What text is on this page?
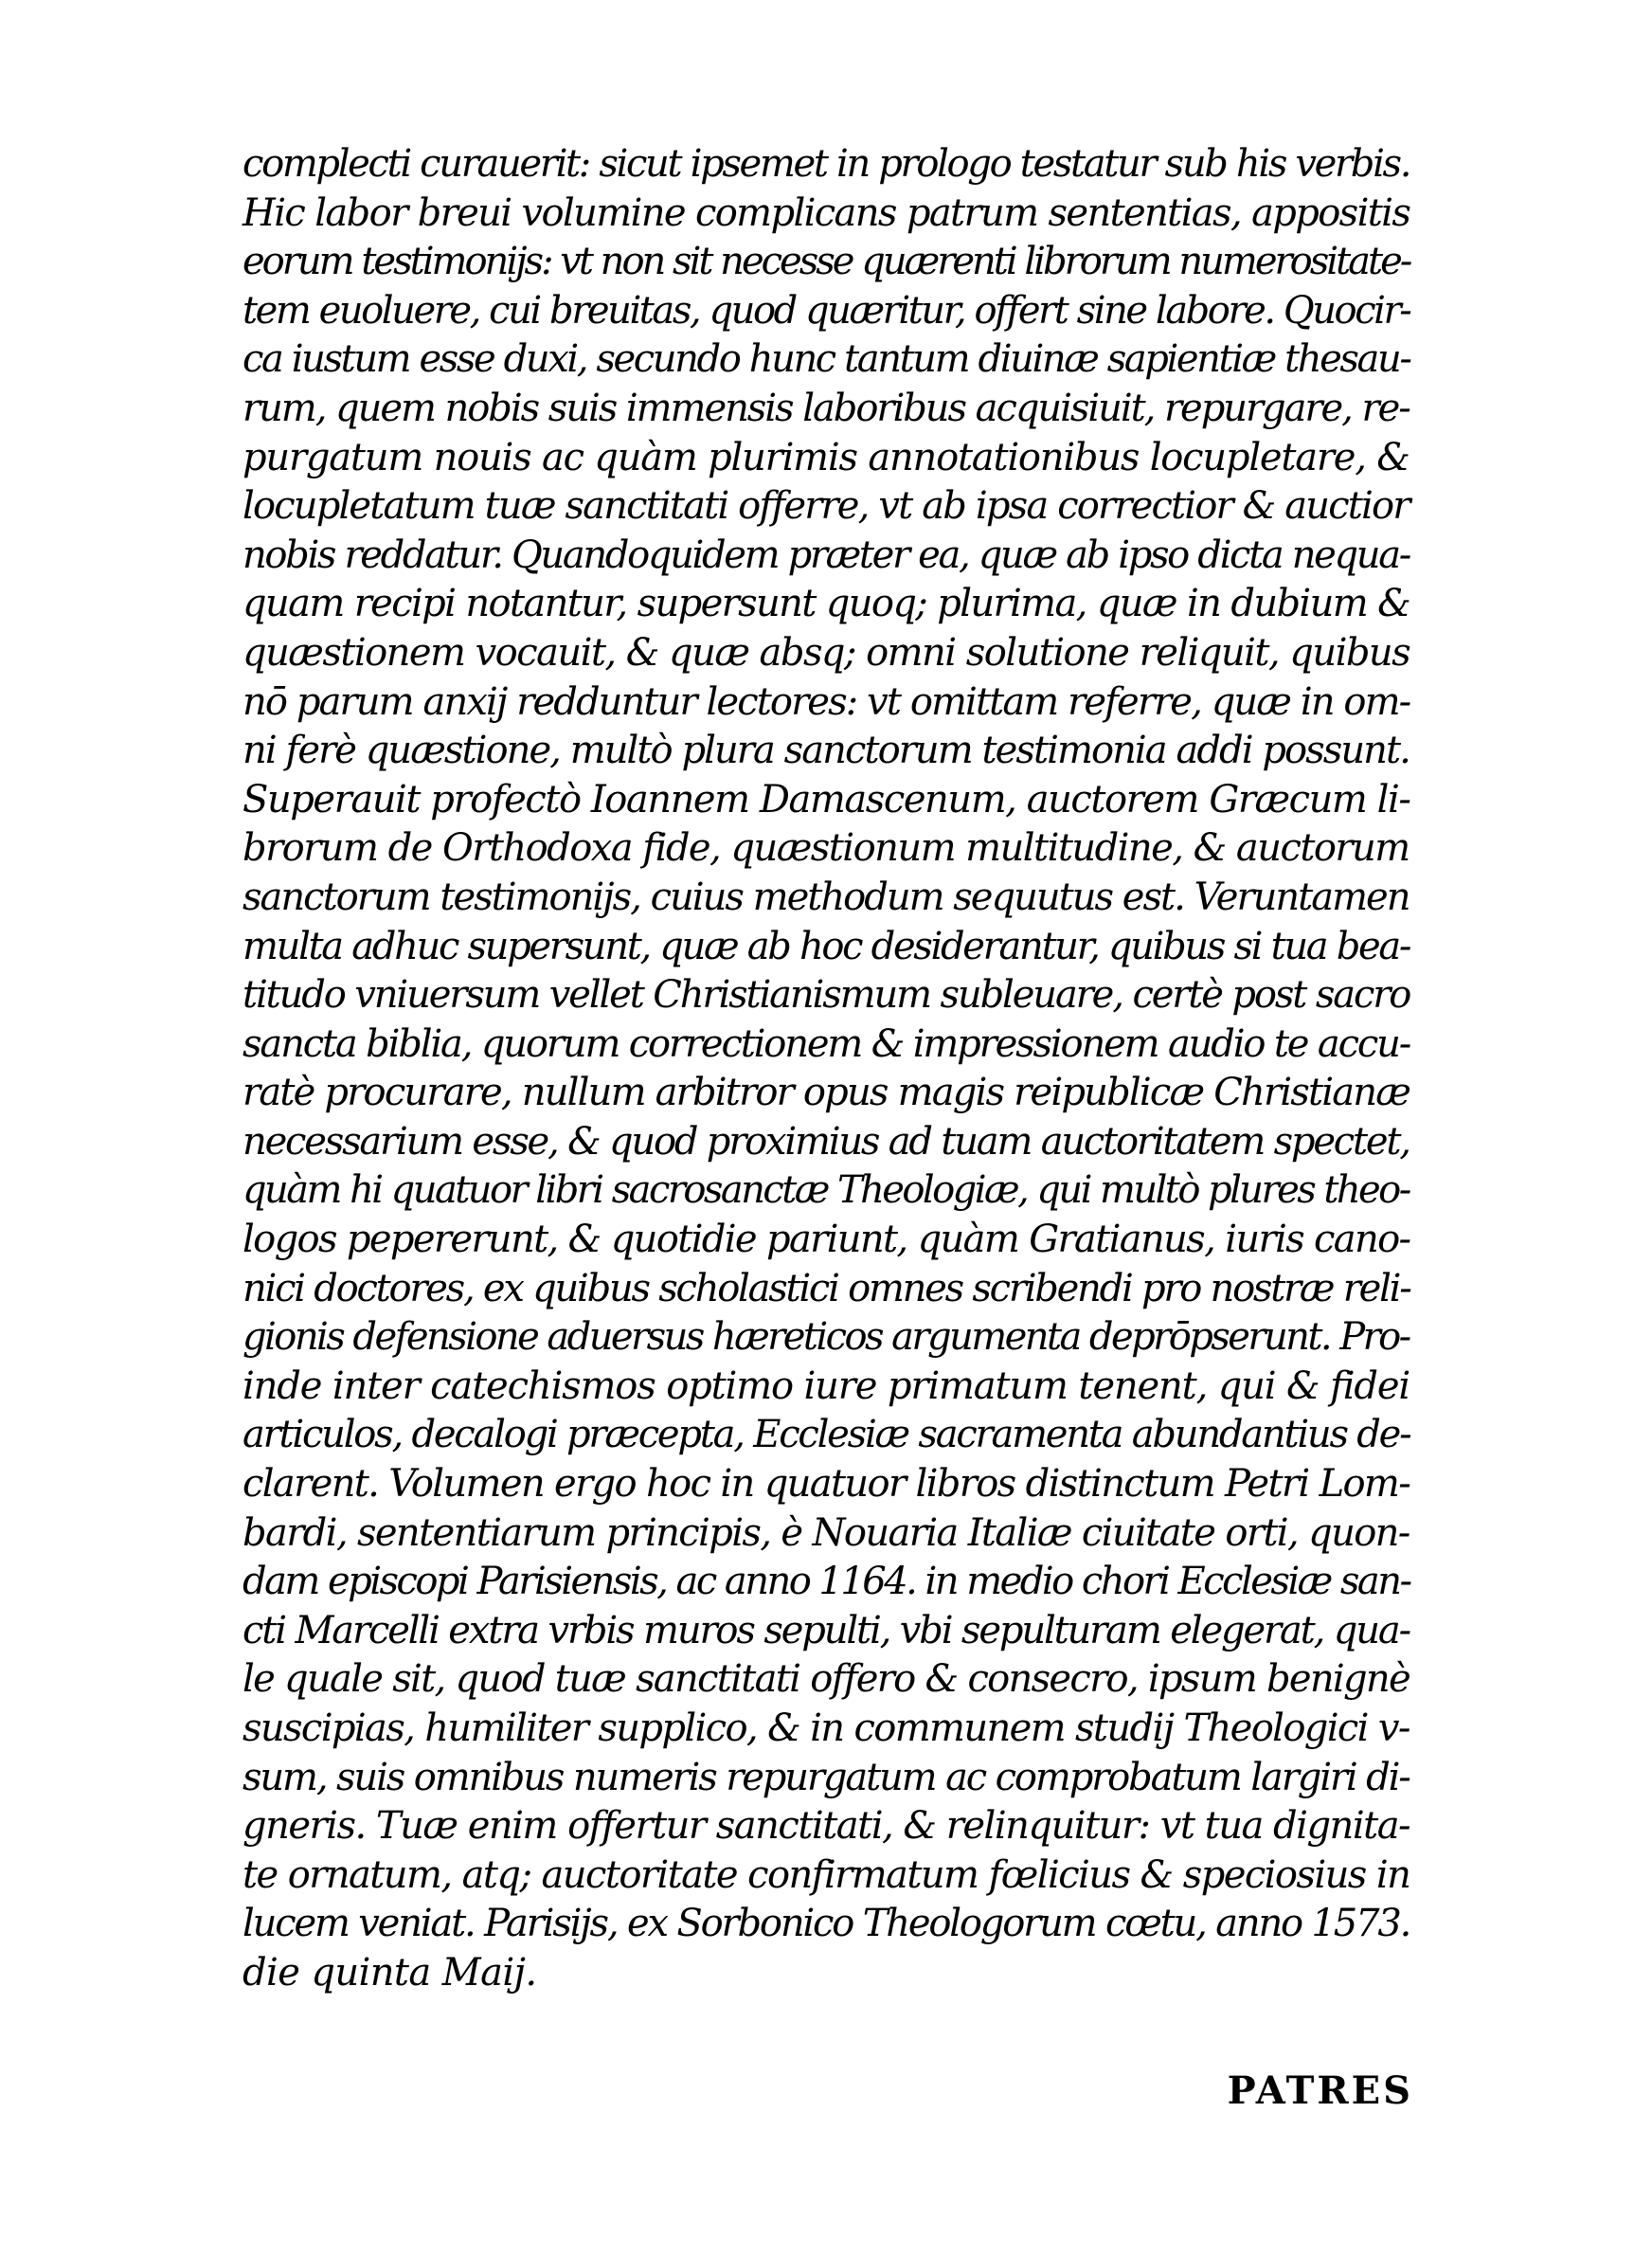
complecti curauerit: sicut ipsemet in prologo testatur sub his verbis.
Hic labor breui volumine complicans patrum sententias, appositis
eorum testimonijs: vt non sit necesse quærenti librorum numerositate-
tem euoluere, cui breuitas, quod quæritur, offert sine labore. Quocir-
ca iustum esse duxi, secundo hunc tantum diuinæ sapientiæ thesau-
rum, quem nobis suis immensis laboribus acquisiuit, repurgare, re-
purgatum nouis ac quàm plurimis annotationibus locupletare, &
locupletatum tuæ sanctitati offerre, vt ab ipsa correctior & auctior
nobis reddatur. Quandoquidem præter ea, quæ ab ipso dicta nequa-
quam recipi notantur, supersunt quoq; plurima, quæ in dubium &
quæstionem vocauit, & quæ absq; omni solutione reliquit, quibus
nō parum anxij redduntur lectores: vt omittam referre, quæ in om-
ni ferè quæstione, multò plura sanctorum testimonia addi possunt.
Superauit profectò Ioannem Damascenum, auctorem Græcum li-
brorum de Orthodoxa fide, quæstionum multitudine, & auctorum
sanctorum testimonijs, cuius methodum sequutus est. Veruntamen
multa adhuc supersunt, quæ ab hoc desiderantur, quibus si tua bea-
titudo vniuersum vellet Christianismum subleuare, certè post sacro
sancta biblia, quorum correctionem & impressionem audio te accu-
ratè procurare, nullum arbitror opus magis reipublicæ Christianæ
necessarium esse, & quod proximius ad tuam auctoritatem spectet,
quàm hi quatuor libri sacrosanctæ Theologiæ, qui multò plures theo-
logos pepererunt, & quotidie pariunt, quàm Gratianus, iuris cano-
nici doctores, ex quibus scholastici omnes scribendi pro nostræ reli-
gionis defensione aduersus hæreticos argumenta deprōpserunt. Pro-
inde inter catechismos optimo iure primatum tenent, qui & fidei
articulos, decalogi præcepta, Ecclesiæ sacramenta abundantius de-
clarent. Volumen ergo hoc in quatuor libros distinctum Petri Lom-
bardi, sententiarum principis, è Nouaria Italiæ ciuitate orti, quon-
dam episcopi Parisiensis, ac anno 1164. in medio chori Ecclesiæ san-
cti Marcelli extra vrbis muros sepulti, vbi sepulturam elegerat, qua-
le quale sit, quod tuæ sanctitati offero & consecro, ipsum benignè
suscipias, humiliter supplico, & in communem studij Theologici v-
sum, suis omnibus numeris repurgatum ac comprobatum largiri di-
gneris. Tuæ enim offertur sanctitati, & relinquitur: vt tua dignita-
te ornatum, atq; auctoritate confirmatum fœlicius & speciosius in
lucem veniat. Parisijs, ex Sorbonico Theologorum cœtu, anno 1573.
die quinta Maij.
PATRES
